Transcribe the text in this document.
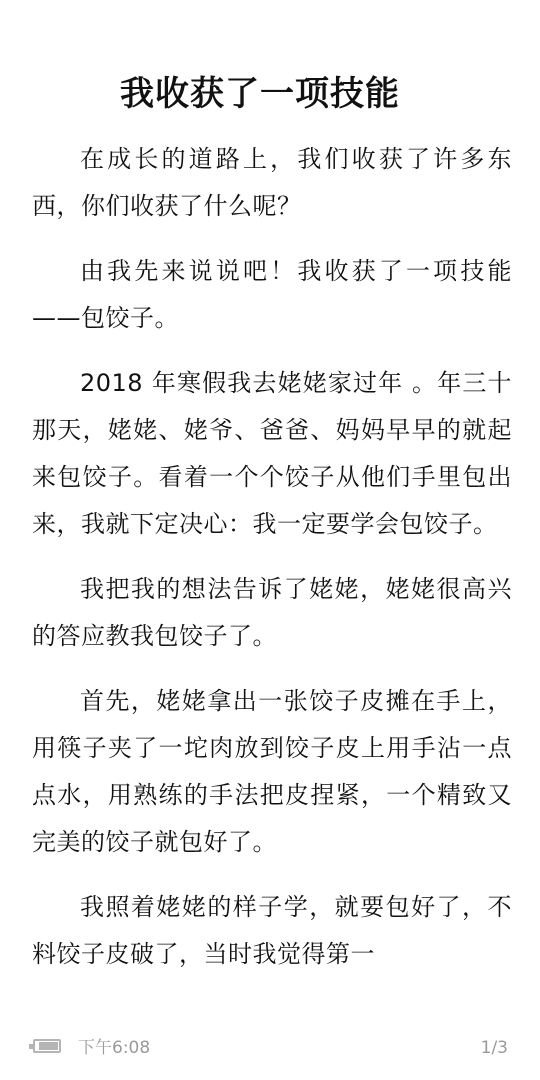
我收获了一项技能

在成长的道路上，我们收获了许多东西，你们收获了什么呢？

由我先来说说吧！我收获了一项技能——包饺子。

2018 年寒假我去姥姥家过年 。年三十那天，姥姥、姥爷、爸爸、妈妈早早的就起来包饺子。看着一个个饺子从他们手里包出来，我就下定决心：我一定要学会包饺子。

我把我的想法告诉了姥姥，姥姥很高兴的答应教我包饺子了。

首先，姥姥拿出一张饺子皮摊在手上，用筷子夹了一坨肉放到饺子皮上用手沾一点点水，用熟练的手法把皮捏紧，一个精致又完美的饺子就包好了。

我照着姥姥的样子学，就要包好了，不料饺子皮破了，当时我觉得第一

下午6:08	1/3
